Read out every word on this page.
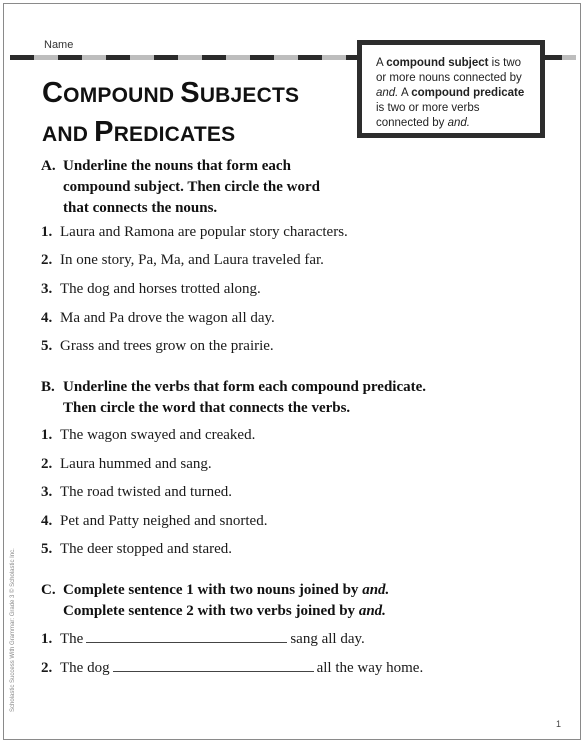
Name
COMPOUND SUBJECTS
AND PREDICATES
A compound subject is two or more nouns connected by and. A compound predicate is two or more verbs connected by and.
A. Underline the nouns that form each
compound subject. Then circle the word
that connects the nouns.
1. Laura and Ramona are popular story characters.
2. In one story, Pa, Ma, and Laura traveled far.
3. The dog and horses trotted along.
4. Ma and Pa drove the wagon all day.
5. Grass and trees grow on the prairie.
B. Underline the verbs that form each compound predicate.
Then circle the word that connects the verbs.
1. The wagon swayed and creaked.
2. Laura hummed and sang.
3. The road twisted and turned.
4. Pet and Patty neighed and snorted.
5. The deer stopped and stared.
C. Complete sentence 1 with two nouns joined by and.
Complete sentence 2 with two verbs joined by and.
1. The	sang all day.
2. The dog	all the way home.
Scholastic Success With Grammar: Grade 3 © Scholastic Inc.
1
